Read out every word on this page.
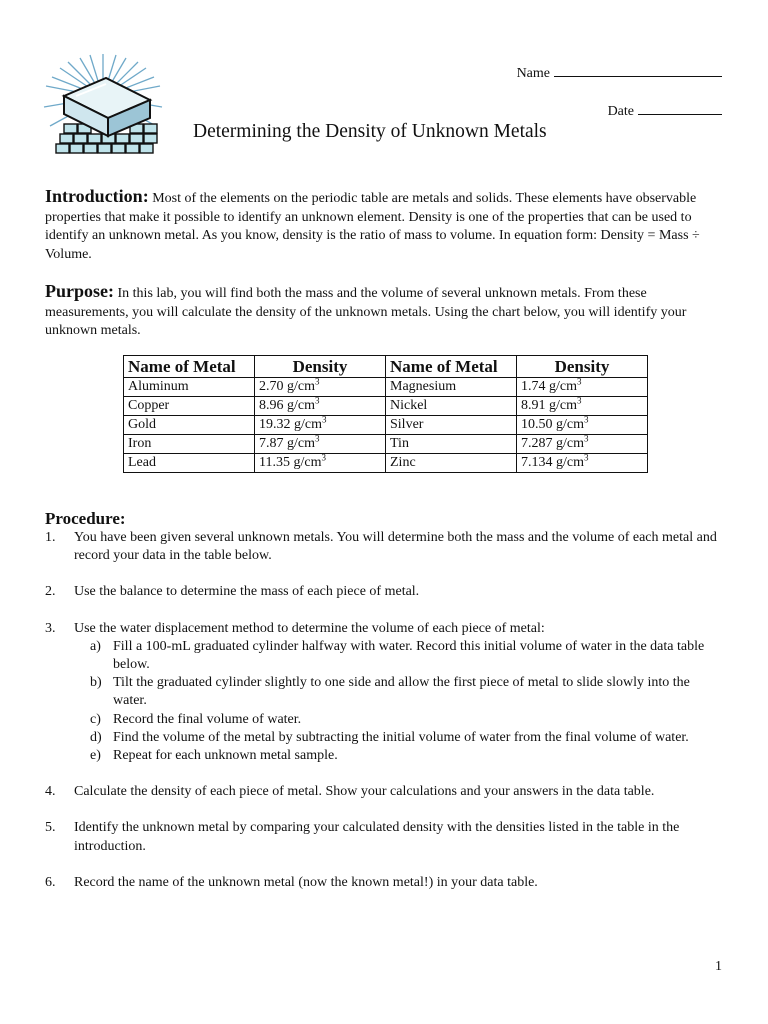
Name
Date
Determining the Density of Unknown Metals
Introduction: Most of the elements on the periodic table are metals and solids. These elements have observable properties that make it possible to identify an unknown element. Density is one of the properties that can be used to identify an unknown metal. As you know, density is the ratio of mass to volume. In equation form: Density = Mass ÷ Volume.
Purpose: In this lab, you will find both the mass and the volume of several unknown metals. From these measurements, you will calculate the density of the unknown metals. Using the chart below, you will identify your unknown metals.
Name of Metal	Density	Name of Metal	Density
Aluminum	2.70 $g/cm^3$	Magnesium	1.74 $g/cm^3$
Copper	8.96 $g/cm^3$	Nickel	8.91 $g/cm^3$
Gold	19.32 $g/cm^3$	Silver	10.50 $g/cm^3$
Iron	7.87 $g/cm^3$	Tin	7.287 $g/cm^3$
Lead	11.35 $g/cm^3$	Zinc	7.134 $g/cm^3$
Procedure:
1. You have been given several unknown metals. You will determine both the mass and the volume of each metal and record your data in the table below.
2. Use the balance to determine the mass of each piece of metal.
3. Use the water displacement method to determine the volume of each piece of metal:
a) Fill a 100-mL graduated cylinder halfway with water. Record this initial volume of water in the data table below.
b) Tilt the graduated cylinder slightly to one side and allow the first piece of metal to slide slowly into the water.
c) Record the final volume of water.
d) Find the volume of the metal by subtracting the initial volume of water from the final volume of water.
e) Repeat for each unknown metal sample.
4. Calculate the density of each piece of metal. Show your calculations and your answers in the data table.
5. Identify the unknown metal by comparing your calculated density with the densities listed in the table in the introduction.
6. Record the name of the unknown metal (now the known metal!) in your data table.
1
